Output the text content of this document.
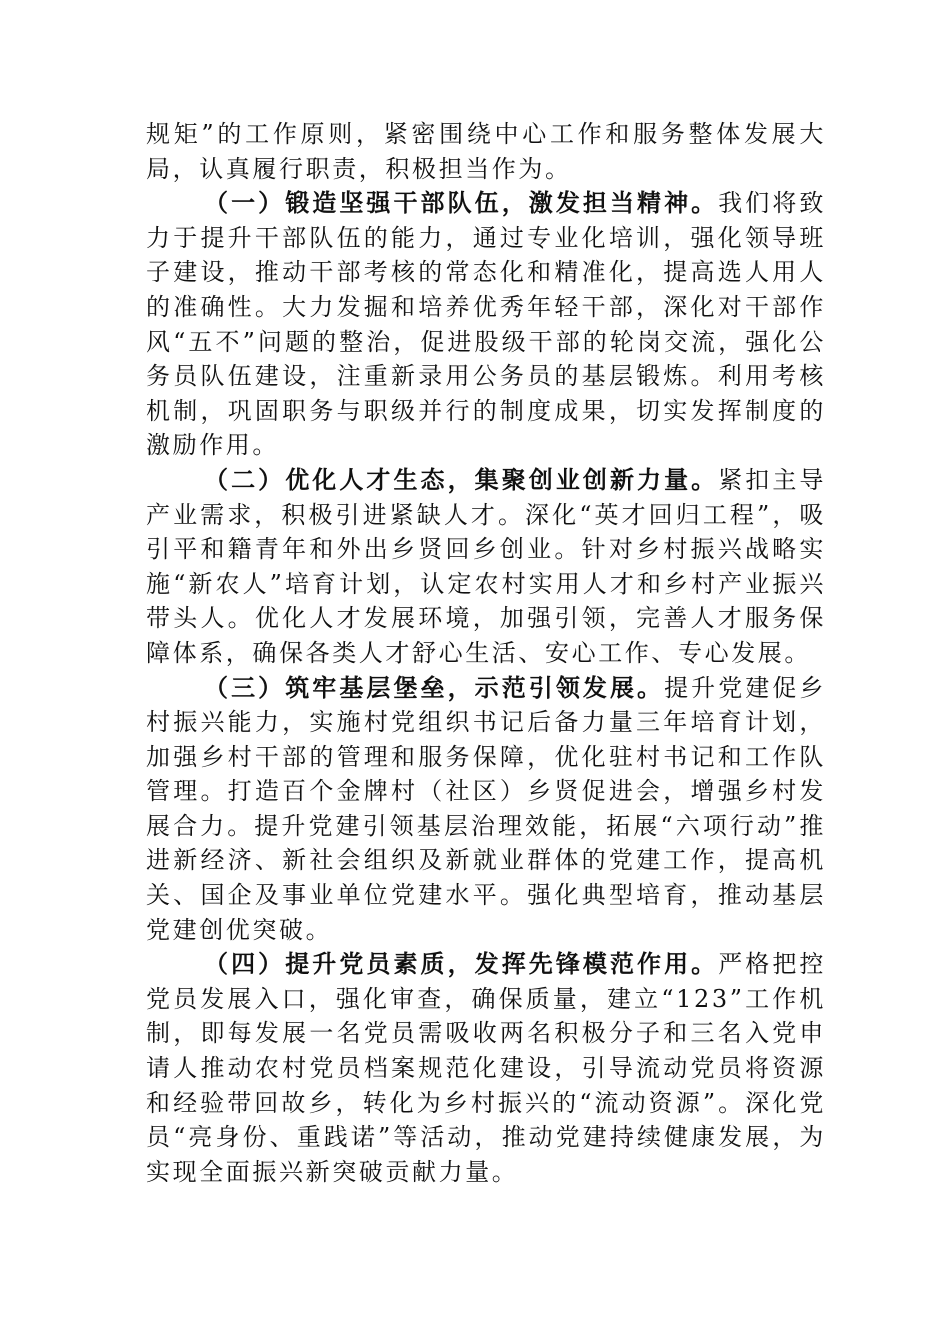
规矩”的工作原则，紧密围绕中心工作和服务整体发展大局，认真履行职责，积极担当作为。

（一）锻造坚强干部队伍，激发担当精神。我们将致力于提升干部队伍的能力，通过专业化培训，强化领导班子建设，推动干部考核的常态化和精准化，提高选人用人的准确性。大力发掘和培养优秀年轻干部，深化对干部作风“五不”问题的整治，促进股级干部的轮岗交流，强化公务员队伍建设，注重新录用公务员的基层锻炼。利用考核机制，巩固职务与职级并行的制度成果，切实发挥制度的激励作用。

（二）优化人才生态，集聚创业创新力量。紧扣主导产业需求，积极引进紧缺人才。深化“英才回归工程”，吸引平和籍青年和外出乡贤回乡创业。针对乡村振兴战略实施“新农人”培育计划，认定农村实用人才和乡村产业振兴带头人。优化人才发展环境，加强引领，完善人才服务保障体系，确保各类人才舒心生活、安心工作、专心发展。

（三）筑牢基层堡垒，示范引领发展。提升党建促乡村振兴能力，实施村党组织书记后备力量三年培育计划，加强乡村干部的管理和服务保障，优化驻村书记和工作队管理。打造百个金牌村（社区）乡贤促进会，增强乡村发展合力。提升党建引领基层治理效能，拓展“六项行动”推进新经济、新社会组织及新就业群体的党建工作，提高机关、国企及事业单位党建水平。强化典型培育，推动基层党建创优突破。

（四）提升党员素质，发挥先锋模范作用。严格把控党员发展入口，强化审查，确保质量，建立“123”工作机制，即每发展一名党员需吸收两名积极分子和三名入党申请人推动农村党员档案规范化建设，引导流动党员将资源和经验带回故乡，转化为乡村振兴的“流动资源”。深化党员“亮身份、重践诺”等活动，推动党建持续健康发展，为实现全面振兴新突破贡献力量。
